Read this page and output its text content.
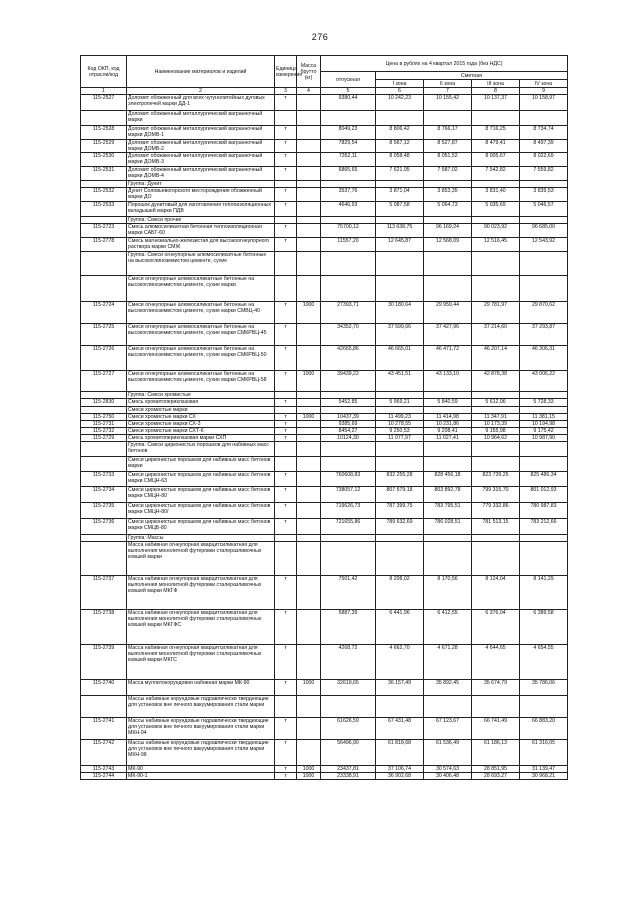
276
Код ОКП, код отрасли/код	Наименование материалов и изделий	Единица измерения	Масса брутто (кг)	Цена в рублях на 4 квартал 2015 года (без НДС)				
				отпускная	Сметная			
					I зона	II зона	III зона	IV зона
1	2	3	4	5	6	7	8	9
115-2527	Доломит обожженный для всех чугунолитейных дуговых электропечей марки ДД-1	т		9380,44	10 242,23	10 155,42	10 137,37	10 158,97
	Доломит обожженный металлургический вагранночный марки							
115-2528	Доломит обожженный металлургический вагранночный марки ДОМВ-1	т		8049,23	8 806,42	8 766,17	8 716,25	8 734,74
115-2529	Доломит обожженный металлургический вагранночный марки ДОМВ-2	т		7829,54	8 567,12	8 527,87	8 479,41	8 497,39
115-2530	Доломит обожженный металлургический вагранночный марки ДОМВ-3	т		7352,11	8 058,48	8 051,52	8 005,67	8 022,69
115-2531	Доломит обожженный металлургический вагранночный марки ДОМВ-4	т		6865,65	7 621,95	7 587,02	7 542,82	7 559,82
	Группа: Дунит							
115-2532	Дунит Соловьевогорского месторождения обожженный марки ДО	т		3537,76	3 871,04	3 853,35	3 831,40	3 839,53
115-2533	Порошок дунитовый для изготовления теплоизоляционных вкладышей марки ПДВ	т		4646,93	5 087,58	5 064,73	5 035,69	5 046,57
	Группа: Смеси прочие							
115-2723	Смесь алюмосиликатная бетонная теплоизоляционная марки САБТ-60	т		75700,12	113 638,75	96 169,24	90 023,92	96 685,00
115-2778	Смесь магнезиально-железистая для высокоогнеупорного раствора марки СМЖ	т		11557,20	12 645,87	12 568,09	12 516,45	12 543,92
	Группа: Смеси огнеупорные алюмосиликатные бетонные на высокоглиноземистом цементе, сухие							
	Смеси огнеупорные алюмосиликатные бетонные на высокоглиноземистом цементе, сухие марки							
115-2724	Смеси огнеупорные алюмосиликатные бетонные на высокоглиноземистом цементе, сухие марки СМВЦ-40	т	1000	27393,71	30 180,64	29 959,44	29 781,97	29 870,62
115-2725	Смеси огнеупорные алюмосиликатные бетонные на высокоглиноземистом цементе, сухие марки СМКРВЦ-45	т		34352,70	37 599,66	37 427,96	37 214,60	37 293,87
115-2726	Смеси огнеупорные алюмосиликатные бетонные на высокоглиноземистом цементе, сухие марки СМКРВЦ-50	т		42665,86	46 665,01	46 471,72	46 207,14	46 306,31
115-2727	Смеси огнеупорные алюмосиликатные бетонные на высокоглиноземистом цементе, сухие марки СМКРВЦ-58	т	1000	39439,22	43 451,51	43 133,10	42 878,38	43 006,22
	Группа: Смеси хромистые							
115-2830	Смесь хромитопериклазовая	т		5452,85	5 969,21	5 840,59	5 612,06	5 728,33
	Смеси хромистые марки							
115-2750	Смеси хромистые марки СХ	т	1000	10437,39	11 499,23	11 414,98	11 347,91	11 381,15
115-2731	Смеси хромистые марки СХ-3	т		9385,69	10 278,55	10 231,86	10 173,39	10 194,98
115-2732	Смеси хромистые марки СХТ-6	т		8454,27	9 250,53	9 208,41	9 155,98	9 175,42
115-2729	Смесь хромитопериклазовая марки СХП	т		10124,30	11 077,97	11 027,41	10 964,62	10 987,90
	Группа: Смеси цирконистых порошков для набивных масс бетонов							
	Смеси цирконистых порошков для набивных масс бетонов марки							
115-2733	Смеси цирконистых порошков для набивных масс бетонов марки СМЦН-63	т		760608,83	832 255,28	828 456,18	823 739,25	825 486,34
115-2734	Смеси цирконистых порошков для набивных масс бетонов марки СМЦН-80	т		738057,12	807 579,18	803 892,78	799 315,70	801 012,93
115-2735	Смеси цирконистых порошков для набивных масс бетонов марки СМЦН-80/	т		719626,73	787 399,75	783 795,51	779 332,86	780 987,83
115-2736	Смеси цирконистых порошков для набивных масс бетонов марки СМЦБ-80	т		721655,86	789 632,69	786 028,51	781 513,15	783 212,66
	Группа: Массы							
	Масса набивная огнеупорная кварцитсиликатная для выполнения монолитной футеровки сталеразливочных ковшей марки							
115-2737	Масса набивная огнеупорная кварцитсиликатная для выполнения монолитной футеровки сталеразливочных ковшей марки МКГФ	т		7501,42	8 208,02	8 170,56	8 124,04	8 141,29
115-2738	Масса набивная огнеупорная кварцитсиликатная для выполнения монолитной футеровки сталеразливочных ковшей марки МКГФС	т		5887,39	6 441,96	6 412,55	6 376,04	6 389,58
115-2739	Масса набивная огнеупорная кварцитсиликатная для выполнения монолитной футеровки сталеразливочных ковшей марки МКГС	т		4268,72	4 662,70	4 671,28	4 644,65	4 654,55
115-2740	Масса муллитокорундовая набивная марки МК-90	т	1000	32619,65	36 157,49	35 892,45	35 674,79	35 786,06
	Массы набивные корундовые гидравлически твердеющие для установок вне печного вакуумирования стали марки							
115-2741	Массы набивные корундовые гидравлически твердеющие для установок вне печного вакуумирования стали марки МКН-94	т		61626,59	67 431,48	67 123,67	66 741,49	66 883,20
115-2742	Массы набивные корундовые гидравлически твердеющие для установок вне печного вакуумирования стали марки МКН-98	т		56496,90	61 818,68	61 536,49	61 186,13	61 316,05
115-2743	МК-90	т	1000	23437,81	37 106,74	30 574,63	28 851,95	31 139,47
115-2744	МК-90-1	т	1000	23338,91	36 902,68	30 406,48	28 693,27	30 968,21
